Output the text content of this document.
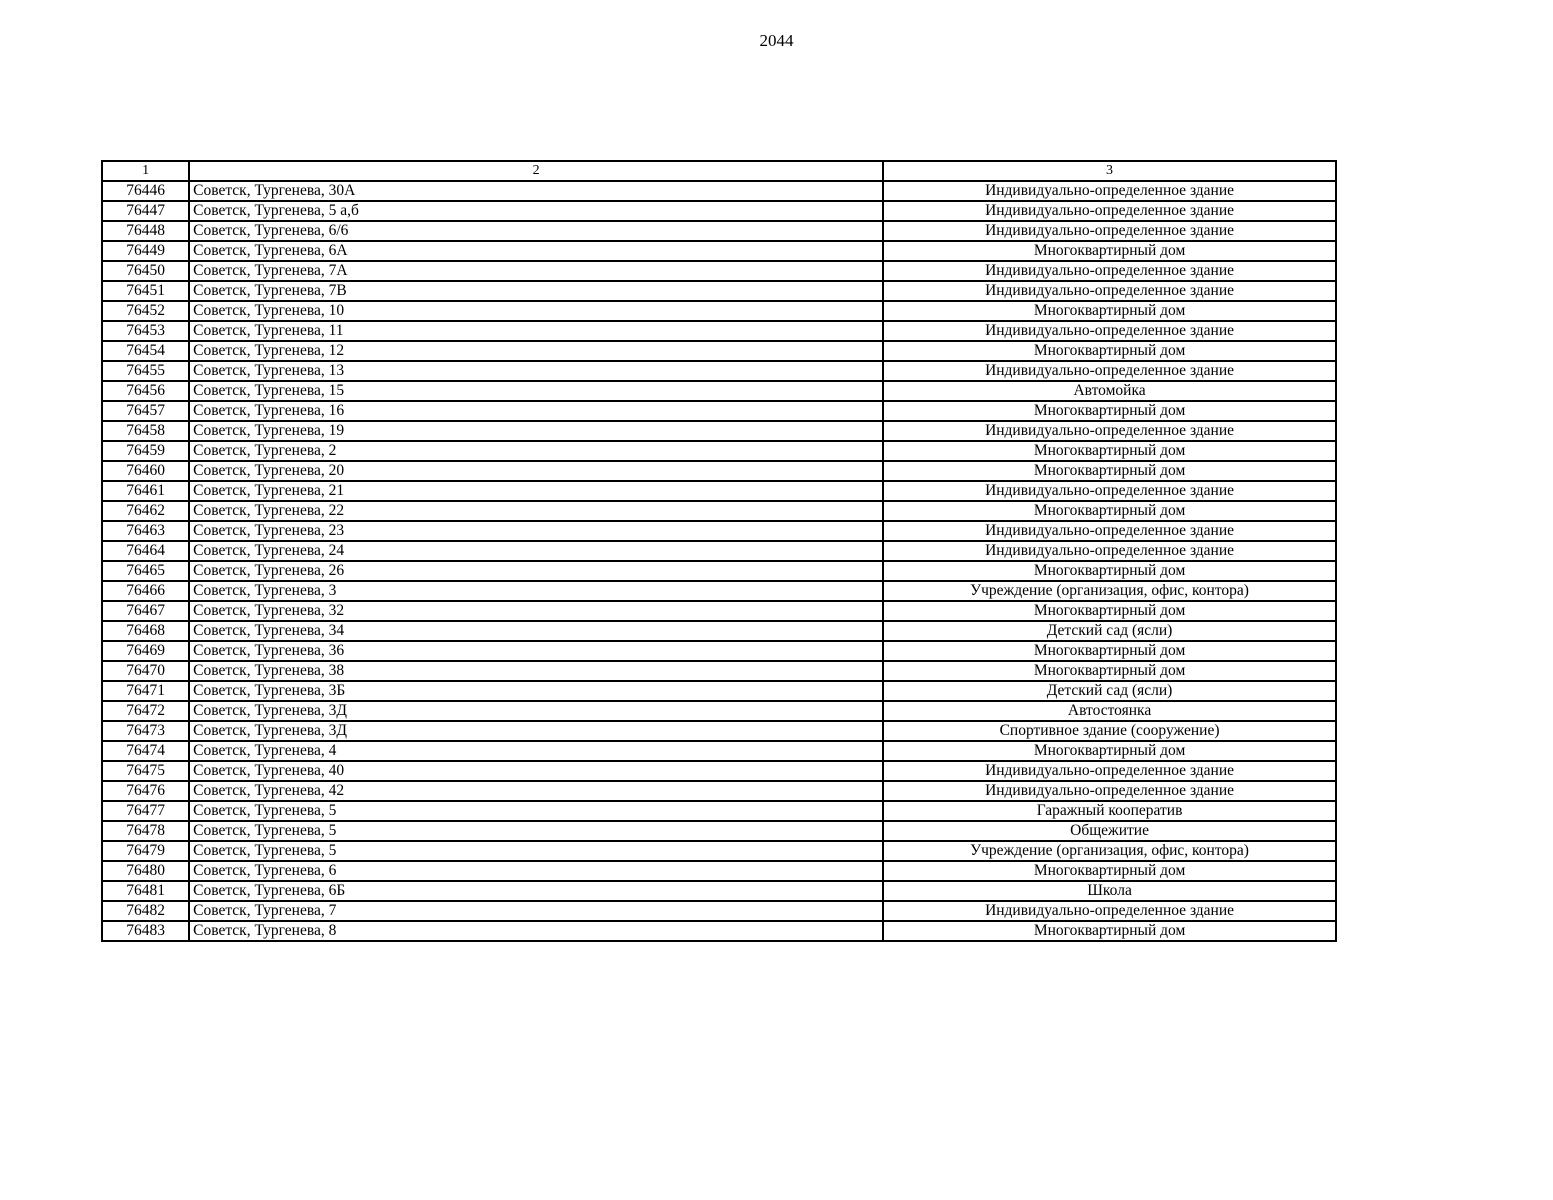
2044
1	2	3
76446	Советск, Тургенева, 30А	Индивидуально-определенное здание
76447	Советск, Тургенева, 5 а,б	Индивидуально-определенное здание
76448	Советск, Тургенева, 6/6	Индивидуально-определенное здание
76449	Советск, Тургенева, 6А	Многоквартирный дом
76450	Советск, Тургенева, 7А	Индивидуально-определенное здание
76451	Советск, Тургенева, 7В	Индивидуально-определенное здание
76452	Советск, Тургенева, 10	Многоквартирный дом
76453	Советск, Тургенева, 11	Индивидуально-определенное здание
76454	Советск, Тургенева, 12	Многоквартирный дом
76455	Советск, Тургенева, 13	Индивидуально-определенное здание
76456	Советск, Тургенева, 15	Автомойка
76457	Советск, Тургенева, 16	Многоквартирный дом
76458	Советск, Тургенева, 19	Индивидуально-определенное здание
76459	Советск, Тургенева, 2	Многоквартирный дом
76460	Советск, Тургенева, 20	Многоквартирный дом
76461	Советск, Тургенева, 21	Индивидуально-определенное здание
76462	Советск, Тургенева, 22	Многоквартирный дом
76463	Советск, Тургенева, 23	Индивидуально-определенное здание
76464	Советск, Тургенева, 24	Индивидуально-определенное здание
76465	Советск, Тургенева, 26	Многоквартирный дом
76466	Советск, Тургенева, 3	Учреждение (организация, офис, контора)
76467	Советск, Тургенева, 32	Многоквартирный дом
76468	Советск, Тургенева, 34	Детский сад (ясли)
76469	Советск, Тургенева, 36	Многоквартирный дом
76470	Советск, Тургенева, 38	Многоквартирный дом
76471	Советск, Тургенева, 3Б	Детский сад (ясли)
76472	Советск, Тургенева, 3Д	Автостоянка
76473	Советск, Тургенева, 3Д	Спортивное здание (сооружение)
76474	Советск, Тургенева, 4	Многоквартирный дом
76475	Советск, Тургенева, 40	Индивидуально-определенное здание
76476	Советск, Тургенева, 42	Индивидуально-определенное здание
76477	Советск, Тургенева, 5	Гаражный кооператив
76478	Советск, Тургенева, 5	Общежитие
76479	Советск, Тургенева, 5	Учреждение (организация, офис, контора)
76480	Советск, Тургенева, 6	Многоквартирный дом
76481	Советск, Тургенева, 6Б	Школа
76482	Советск, Тургенева, 7	Индивидуально-определенное здание
76483	Советск, Тургенева, 8	Многоквартирный дом
